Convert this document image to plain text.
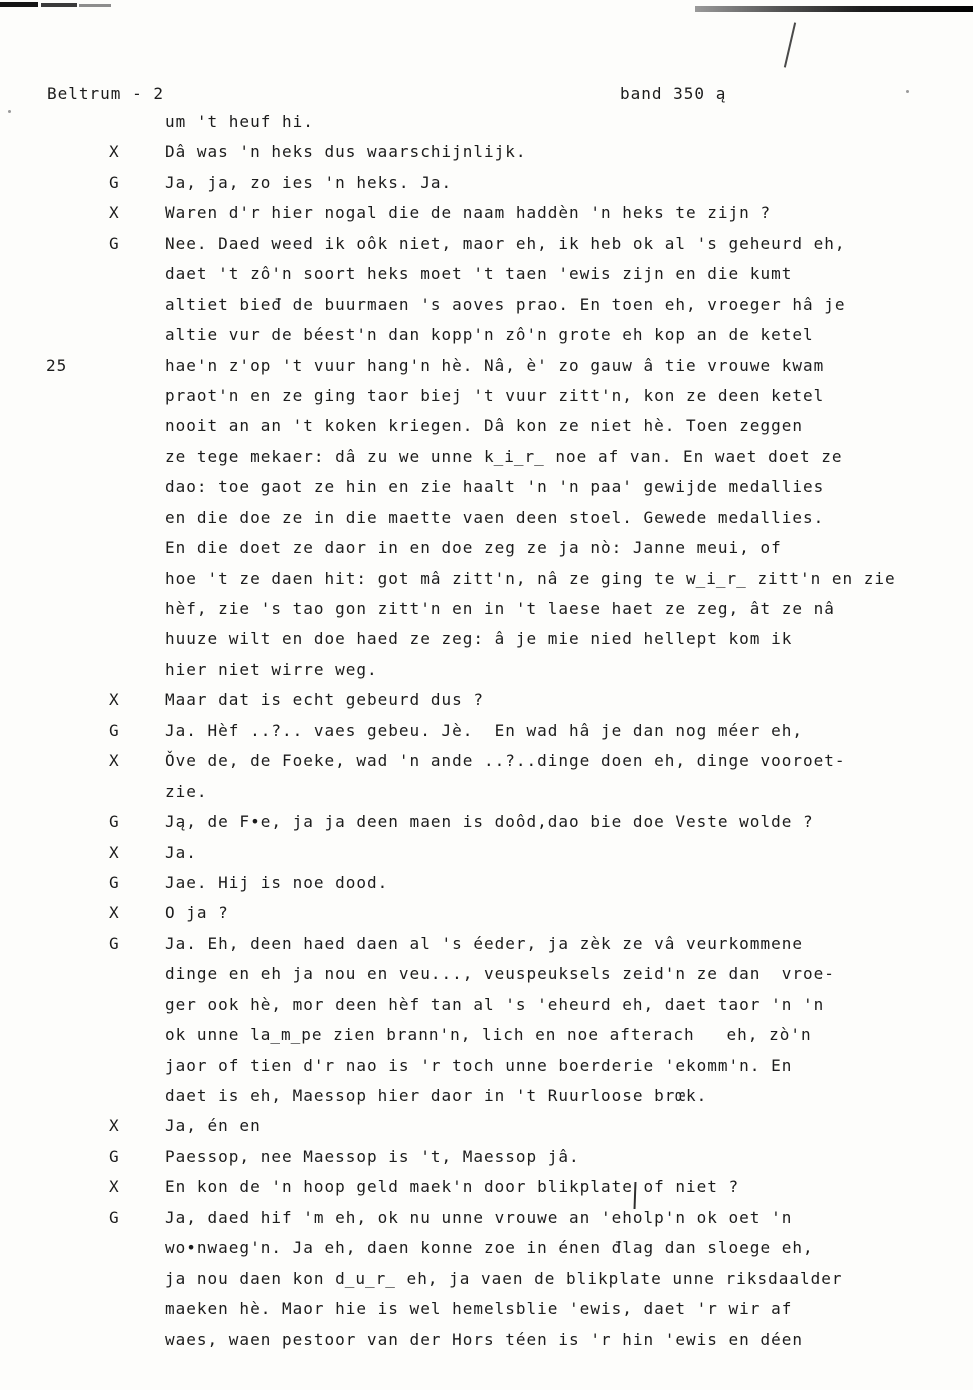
Beltrum - 2	band 350 ą
um 't heuf hi.
X	Dâ was 'n heks dus waarschijnlijk.
G	Ja, ja, zo ies 'n heks. Ja.
X	Waren d'r hier nogal die de naam haddèn 'n heks te zijn ?
G	Nee. Daed weed ik oôk niet, maor eh, ik heb ok al 's geheurd eh,
daet 't zô'n soort heks moet 't taen 'ewis zijn en die kumt
altiet bieđ de buurmaen 's aoves prao. En toen eh, vroeger hâ je
altie vur de béest'n dan kopp'n zô'n grote eh kop an de ketel
25	hae'n z'op 't vuur hang'n hè. Nâ, è' zo gauw â tie vrouwe kwam
praot'n en ze ging taor biej 't vuur zitt'n, kon ze deen ketel
nooit an an 't koken kriegen. Dâ kon ze niet hè. Toen zeggen
ze tege mekaer: dâ zu we unne k̲i̲r̲ noe af van. En waet doet ze
dao: toe gaot ze hin en zie haalt 'n 'n paa' gewijde medallies
en die doe ze in die maette vaen deen stoel. Gewede medallies.
En die doet ze daor in en doe zeg ze ja nò: Janne meui, of
hoe 't ze daen hit: got mâ zitt'n, nâ ze ging te w̲i̲r̲ zitt'n en zie
hèf, zie 's tao gon zitt'n en in 't laese haet ze zeg, ât ze nâ
huuze wilt en doe haed ze zeg: â je mie nied hellept kom ik
hier niet wirre weg.
X	Maar dat is echt gebeurd dus ?
G	Ja. Hèf ..?.. vaes gebeu. Jè.  En wad hâ je dan nog méer eh,
X	Ǒve de, de Foeke, wad 'n ande ..?..dinge doen eh, dinge vooroet-
zie.
G	Ją, de F•e, ja ja deen maen is doôd,dao bie doe Veste wolde ?
X	Ja.
G	Jae. Hij is noe dood.
X	O ja ?
G	Ja. Eh, deen haed daen al 's éeder, ja zèk ze vâ veurkommene
dinge en eh ja nou en veu..., veuspeuksels zeid'n ze dan  vroe-
ger ook hè, mor deen hèf tan al 's 'eheurd eh, daet taor 'n 'n
ok unne la̲m̲pe zien brann'n, lich en noe afterach   eh, zò'n
jaor of tien d'r nao is 'r toch unne boerderie 'ekomm'n. En
daet is eh, Maessop hier daor in 't Ruurloose brœk.
X	Ja, én en
G	Paessop, nee Maessop is 't, Maessop jâ.
X	En kon de 'n hoop geld maek'n door blikplate of niet ?
G	Ja, daed hif 'm eh, ok nu unne vrouwe an 'eholp'n ok oet 'n
wo•nwaeg'n. Ja eh, daen konne zoe in énen đlag dan sloege eh,
ja nou daen kon d̲u̲r̲ eh, ja vaen de blikplate unne riksdaalder
maeken hè. Maor hie is wel hemelsblie 'ewis, daet 'r wir af
waes, waen pestoor van der Hors téen is 'r hin 'ewis en déen
